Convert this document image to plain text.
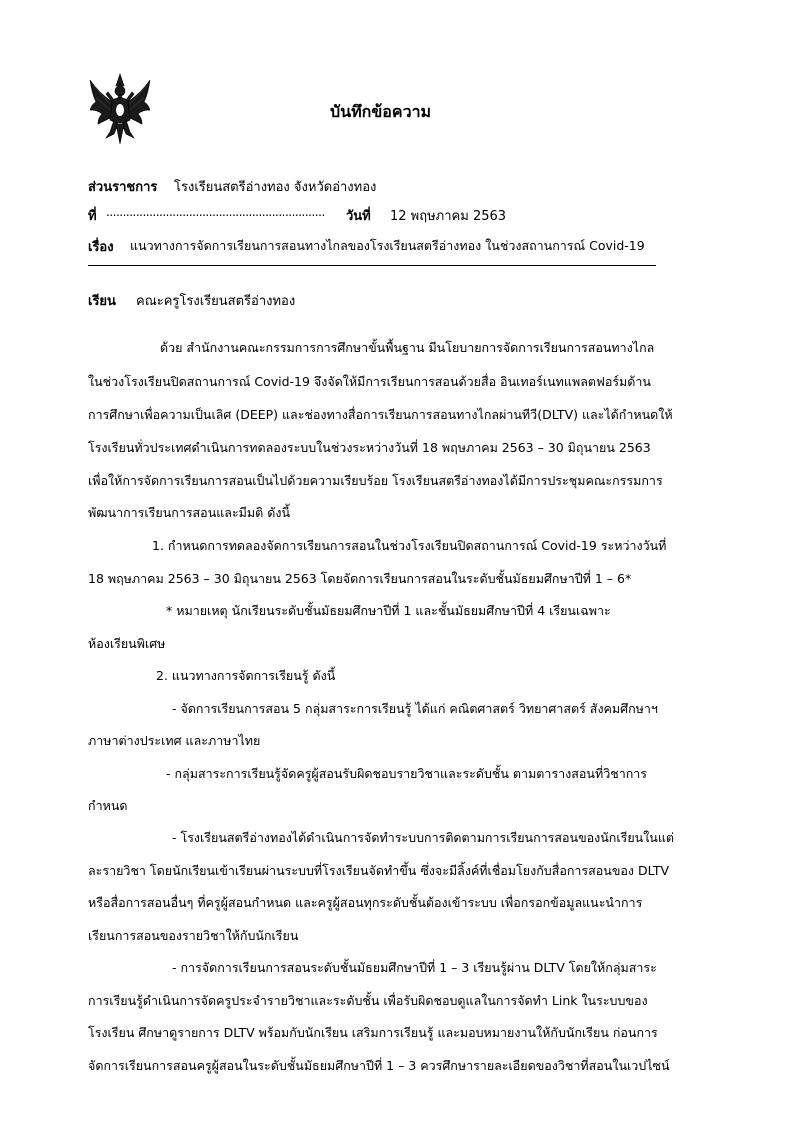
บันทึกข้อความ
ส่วนราชการ โรงเรียนสตรีอ่างทอง จังหวัดอ่างทอง
ที่ .................................................................. วันที่ 12 พฤษภาคม 2563
เรื่อง แนวทางการจัดการเรียนการสอนทางไกลของโรงเรียนสตรีอ่างทอง ในช่วงสถานการณ์ Covid-19
เรียน คณะครูโรงเรียนสตรีอ่างทอง
ด้วย สำนักงานคณะกรรมการการศึกษาขั้นพื้นฐาน มีนโยบายการจัดการเรียนการสอนทางไกล
ในช่วงโรงเรียนปิดสถานการณ์ Covid-19 จึงจัดให้มีการเรียนการสอนด้วยสื่อ อินเทอร์เนทแพลตฟอร์มด้าน
การศึกษาเพื่อความเป็นเลิศ (DEEP) และช่องทางสื่อการเรียนการสอนทางไกลผ่านทีวี(DLTV) และได้กำหนดให้
โรงเรียนทั่วประเทศดำเนินการทดลองระบบในช่วงระหว่างวันที่ 18 พฤษภาคม 2563 – 30 มิถุนายน 2563
เพื่อให้การจัดการเรียนการสอนเป็นไปด้วยความเรียบร้อย โรงเรียนสตรีอ่างทองได้มีการประชุมคณะกรรมการ
พัฒนาการเรียนการสอนและมีมติ ดังนี้
1. กำหนดการทดลองจัดการเรียนการสอนในช่วงโรงเรียนปิดสถานการณ์ Covid-19 ระหว่างวันที่
18 พฤษภาคม 2563 – 30 มิถุนายน 2563 โดยจัดการเรียนการสอนในระดับชั้นมัธยมศึกษาปีที่ 1 – 6*
* หมายเหตุ นักเรียนระดับชั้นมัธยมศึกษาปีที่ 1 และชั้นมัธยมศึกษาปีที่ 4 เรียนเฉพาะ
ห้องเรียนพิเศษ
2. แนวทางการจัดการเรียนรู้ ดังนี้
- จัดการเรียนการสอน 5 กลุ่มสาระการเรียนรู้ ได้แก่ คณิตศาสตร์ วิทยาศาสตร์ สังคมศึกษาฯ
ภาษาต่างประเทศ และภาษาไทย
- กลุ่มสาระการเรียนรู้จัดครูผู้สอนรับผิดชอบรายวิชาและระดับชั้น ตามตารางสอนที่วิชาการ
กำหนด
- โรงเรียนสตรีอ่างทองได้ดำเนินการจัดทำระบบการติดตามการเรียนการสอนของนักเรียนในแต่
ละรายวิชา โดยนักเรียนเข้าเรียนผ่านระบบที่โรงเรียนจัดทำขึ้น ซึ่งจะมีลิ้งค์ที่เชื่อมโยงกับสื่อการสอนของ DLTV
หรือสื่อการสอนอื่นๆ ที่ครูผู้สอนกำหนด และครูผู้สอนทุกระดับชั้นต้องเข้าระบบ เพื่อกรอกข้อมูลแนะนำการ
เรียนการสอนของรายวิชาให้กับนักเรียน
- การจัดการเรียนการสอนระดับชั้นมัธยมศึกษาปีที่ 1 – 3 เรียนรู้ผ่าน DLTV โดยให้กลุ่มสาระ
การเรียนรู้ดำเนินการจัดครูประจำรายวิชาและระดับชั้น เพื่อรับผิดชอบดูแลในการจัดทำ Link ในระบบของ
โรงเรียน ศึกษาดูรายการ DLTV พร้อมกับนักเรียน เสริมการเรียนรู้ และมอบหมายงานให้กับนักเรียน ก่อนการ
จัดการเรียนการสอนครูผู้สอนในระดับชั้นมัธยมศึกษาปีที่ 1 – 3 ควรศึกษารายละเอียดของวิชาที่สอนในเวปไซน์
